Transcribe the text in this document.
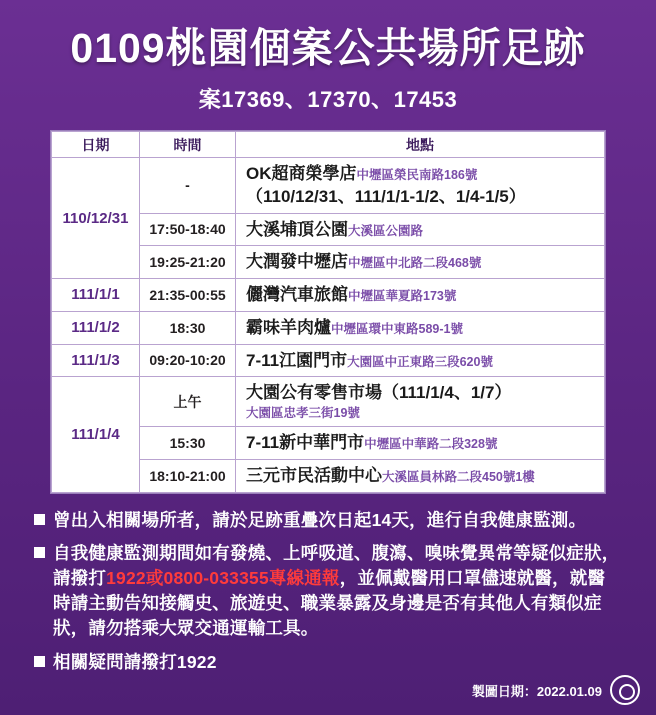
0109桃園個案公共場所足跡
案17369、17370、17453
日期	時間	地點
110/12/31	-	OK超商榮學店中壢區榮民南路186號
（110/12/31、111/1/1-1/2、1/4-1/5）

	17:50-18:40	大溪埔頂公園大溪區公園路
	19:25-21:20	大潤發中壢店中壢區中北路二段468號
111/1/1	21:35-00:55	儷灣汽車旅館中壢區華夏路173號
111/1/2	18:30	霸味羊肉爐中壢區環中東路589-1號
111/1/3	09:20-10:20	7-11江園門市大園區中正東路三段620號
111/1/4	上午	大園公有零售市場（111/1/4、1/7）
大園區忠孝三街19號

	15:30	7-11新中華門市中壢區中華路二段328號
	18:10-21:00	三元市民活動中心大溪區員林路二段450號1樓
曾出入相關場所者，請於足跡重疊次日起14天，進行自我健康監測。
自我健康監測期間如有發燒、上呼吸道、腹瀉、嗅味覺異常等疑似症狀，請撥打1922或0800-033355專線通報，並佩戴醫用口罩儘速就醫，就醫時請主動告知接觸史、旅遊史、職業暴露及身邊是否有其他人有類似症狀，請勿搭乘大眾交通運輸工具。
相關疑問請撥打1922
製圖日期：2022.01.09
